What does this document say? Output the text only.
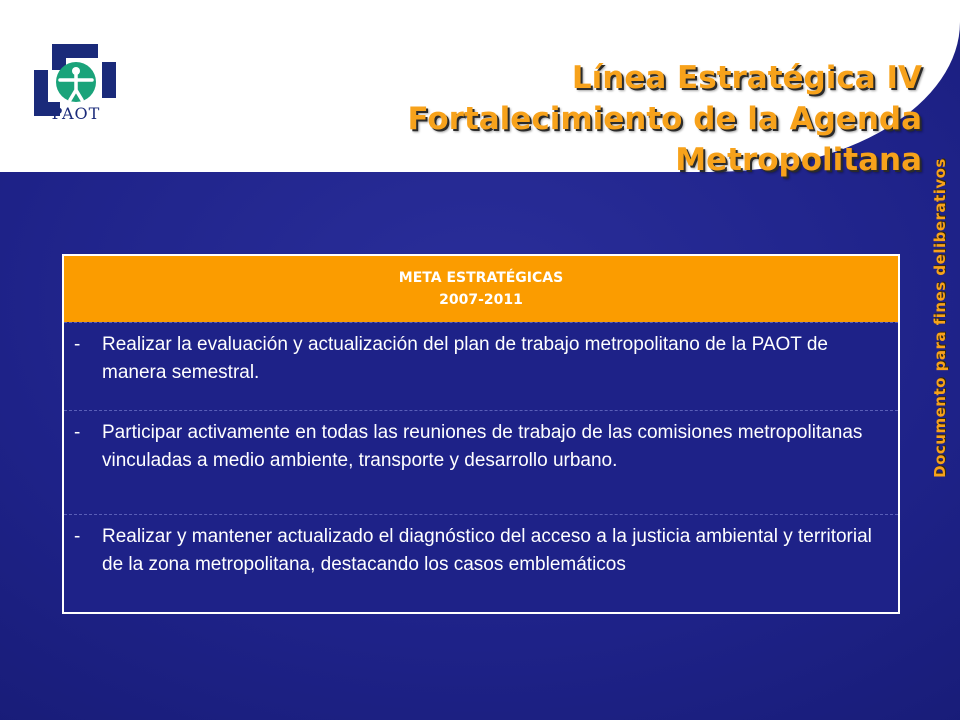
PAOT
Línea Estratégica IV
Fortalecimiento de la Agenda
Metropolitana Documento para fines deliberativos
META ESTRATÉGICAS
2007-2011
-	Realizar la evaluación y actualización del plan de trabajo metropolitano de la PAOT de manera semestral.
-	Participar activamente en todas las reuniones de trabajo de las comisiones metropolitanas vinculadas a medio ambiente, transporte y desarrollo urbano.
-	Realizar y mantener actualizado el diagnóstico del acceso a la justicia ambiental y territorial de la zona metropolitana, destacando los casos emblemáticos
